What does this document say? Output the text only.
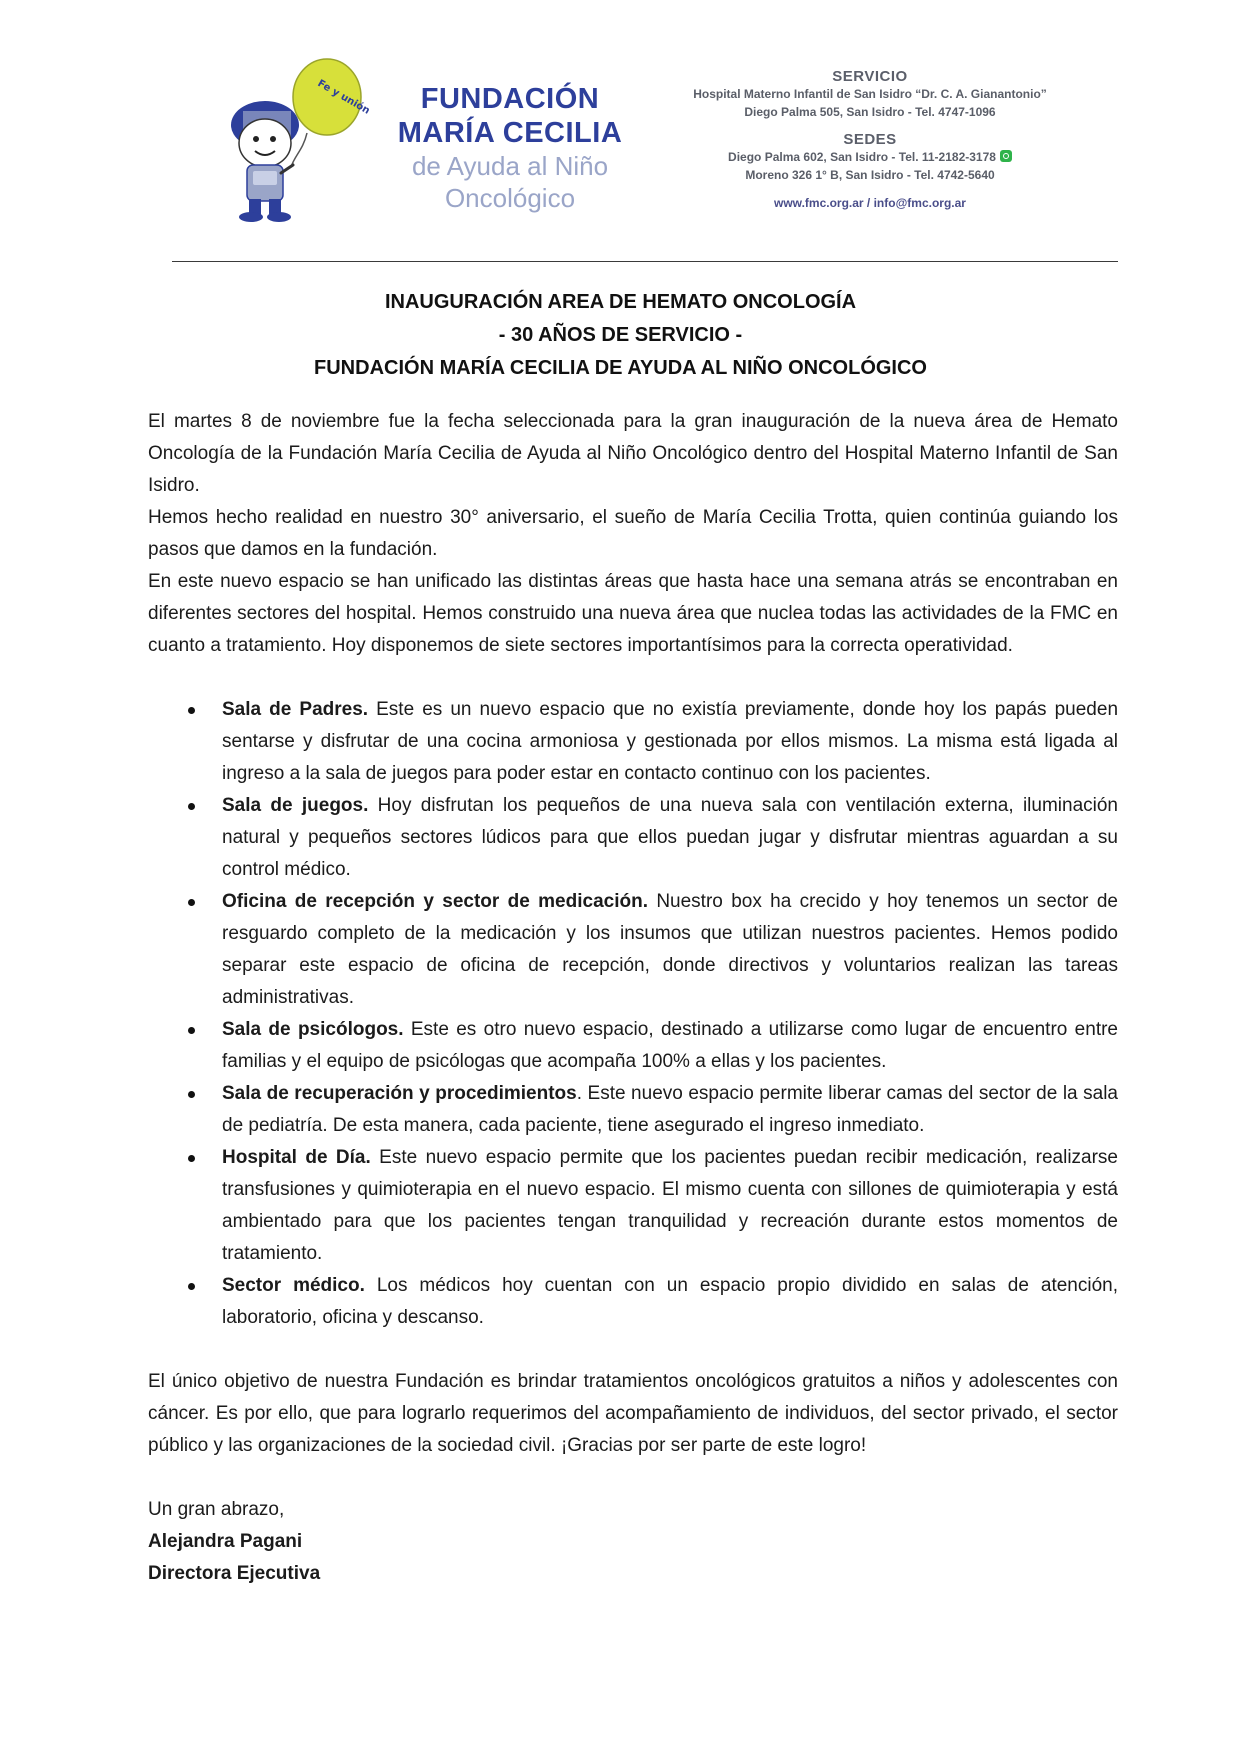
Fe y unión	FUNDACIÓN
MARÍA CECILIA
de Ayuda al Niño
Oncológico
SERVICIO
Hospital Materno Infantil de San Isidro “Dr. C. A. Gianantonio”
Diego Palma 505, San Isidro - Tel. 4747-1096
SEDES
Diego Palma 602, San Isidro - Tel. 11-2182-3178
Moreno 326 1° B, San Isidro - Tel. 4742-5640
www.fmc.org.ar / info@fmc.org.ar
INAUGURACIÓN AREA DE HEMATO ONCOLOGÍA
- 30 AÑOS DE SERVICIO -
FUNDACIÓN MARÍA CECILIA DE AYUDA AL NIÑO ONCOLÓGICO

El martes 8 de noviembre fue la fecha seleccionada para la gran inauguración de la nueva área de Hemato Oncología de la Fundación María Cecilia de Ayuda al Niño Oncológico dentro del Hospital Materno Infantil de San Isidro.

Hemos hecho realidad en nuestro 30° aniversario, el sueño de María Cecilia Trotta, quien continúa guiando los pasos que damos en la fundación.

En este nuevo espacio se han unificado las distintas áreas que hasta hace una semana atrás se encontraban en diferentes sectores del hospital. Hemos construido una nueva área que nuclea todas las actividades de la FMC en cuanto a tratamiento. Hoy disponemos de siete sectores importantísimos para la correcta operatividad.

Sala de Padres. Este es un nuevo espacio que no existía previamente, donde hoy los papás pueden sentarse y disfrutar de una cocina armoniosa y gestionada por ellos mismos. La misma está ligada al ingreso a la sala de juegos para poder estar en contacto continuo con los pacientes.
Sala de juegos. Hoy disfrutan los pequeños de una nueva sala con ventilación externa, iluminación natural y pequeños sectores lúdicos para que ellos puedan jugar y disfrutar mientras aguardan a su control médico.
Oficina de recepción y sector de medicación. Nuestro box ha crecido y hoy tenemos un sector de resguardo completo de la medicación y los insumos que utilizan nuestros pacientes. Hemos podido separar este espacio de oficina de recepción, donde directivos y voluntarios realizan las tareas administrativas.
Sala de psicólogos. Este es otro nuevo espacio, destinado a utilizarse como lugar de encuentro entre familias y el equipo de psicólogas que acompaña 100% a ellas y los pacientes.
Sala de recuperación y procedimientos. Este nuevo espacio permite liberar camas del sector de la sala de pediatría. De esta manera, cada paciente, tiene asegurado el ingreso inmediato.
Hospital de Día. Este nuevo espacio permite que los pacientes puedan recibir medicación, realizarse transfusiones y quimioterapia en el nuevo espacio. El mismo cuenta con sillones de quimioterapia y está ambientado para que los pacientes tengan tranquilidad y recreación durante estos momentos de tratamiento.
Sector médico. Los médicos hoy cuentan con un espacio propio dividido en salas de atención, laboratorio, oficina y descanso.

El único objetivo de nuestra Fundación es brindar tratamientos oncológicos gratuitos a niños y adolescentes con cáncer. Es por ello, que para lograrlo requerimos del acompañamiento de individuos, del sector privado, el sector público y las organizaciones de la sociedad civil. ¡Gracias por ser parte de este logro!

Un gran abrazo,
Alejandra Pagani
Directora Ejecutiva
